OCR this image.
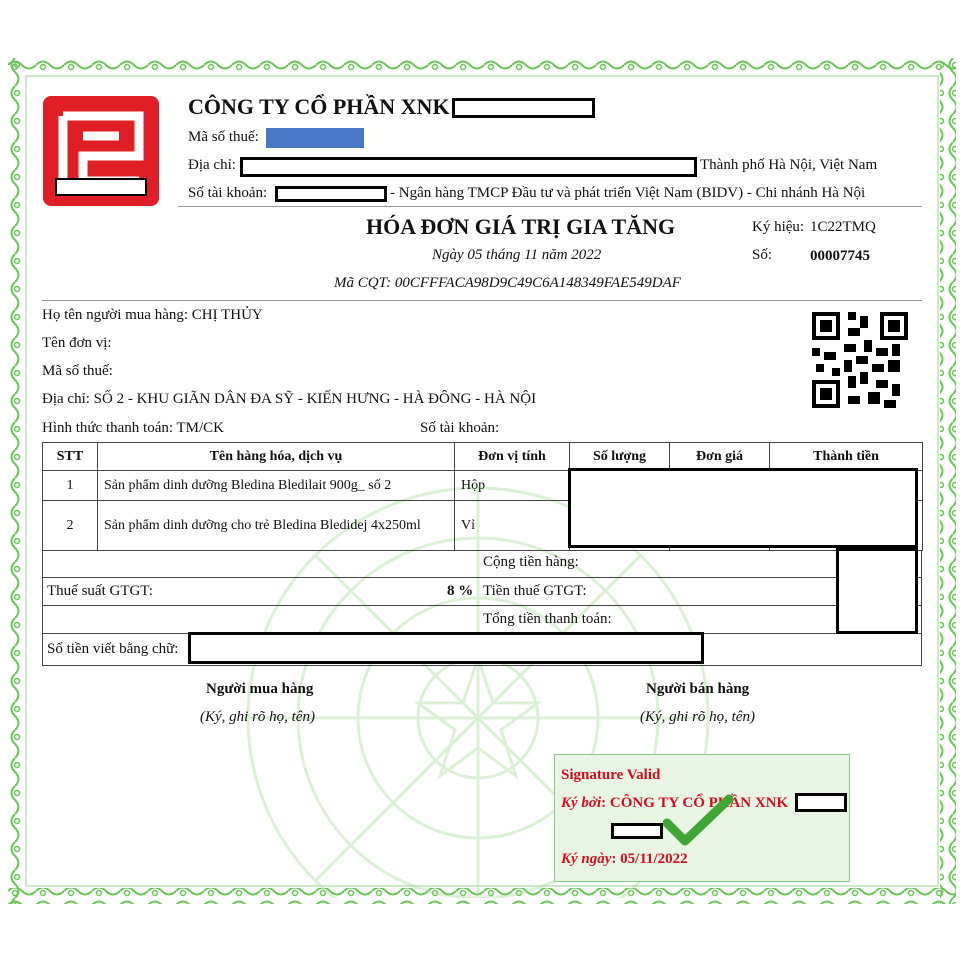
CÔNG TY CỔ PHẦN XNK
Mã số thuế:
Địa chỉ:	Thành phố Hà Nội, Việt Nam
Số tài khoản:	- Ngân hàng TMCP Đầu tư và phát triển Việt Nam (BIDV) - Chi nhánh Hà Nội
HÓA ĐƠN GIÁ TRỊ GIA TĂNG
Ngày 05 tháng 11 năm 2022
Mã CQT: 00CFFFACA98D9C49C6A148349FAE549DAF
Ký hiệu: 1C22TMQ
Số:	00007745
Họ tên người mua hàng: CHỊ THỦY
Tên đơn vị:
Mã số thuế:
Địa chỉ: SỐ 2 - KHU GIÃN DÂN ĐA SỸ - KIẾN HƯNG - HÀ ĐÔNG - HÀ NỘI
Hình thức thanh toán: TM/CK	Số tài khoản:
STT	Tên hàng hóa, dịch vụ	Đơn vị tính	Số lượng	Đơn giá	Thành tiền
1	Sản phẩm dinh dưỡng Bledina Bledilait 900g_ số 2	Hộp			
2	Sản phẩm dinh dưỡng cho trẻ Bledina Bledidej 4x250ml	Vỉ			
Cộng tiền hàng:
Thuế suất GTGT:	8 % Tiền thuế GTGT:
Tổng tiền thanh toán:
Số tiền viết bằng chữ:
Người mua hàng
(Ký, ghi rõ họ, tên)
Người bán hàng
(Ký, ghi rõ họ, tên)
Signature Valid
Ký bởi: CÔNG TY CỔ PHẦN XNK
Ký ngày: 05/11/2022
